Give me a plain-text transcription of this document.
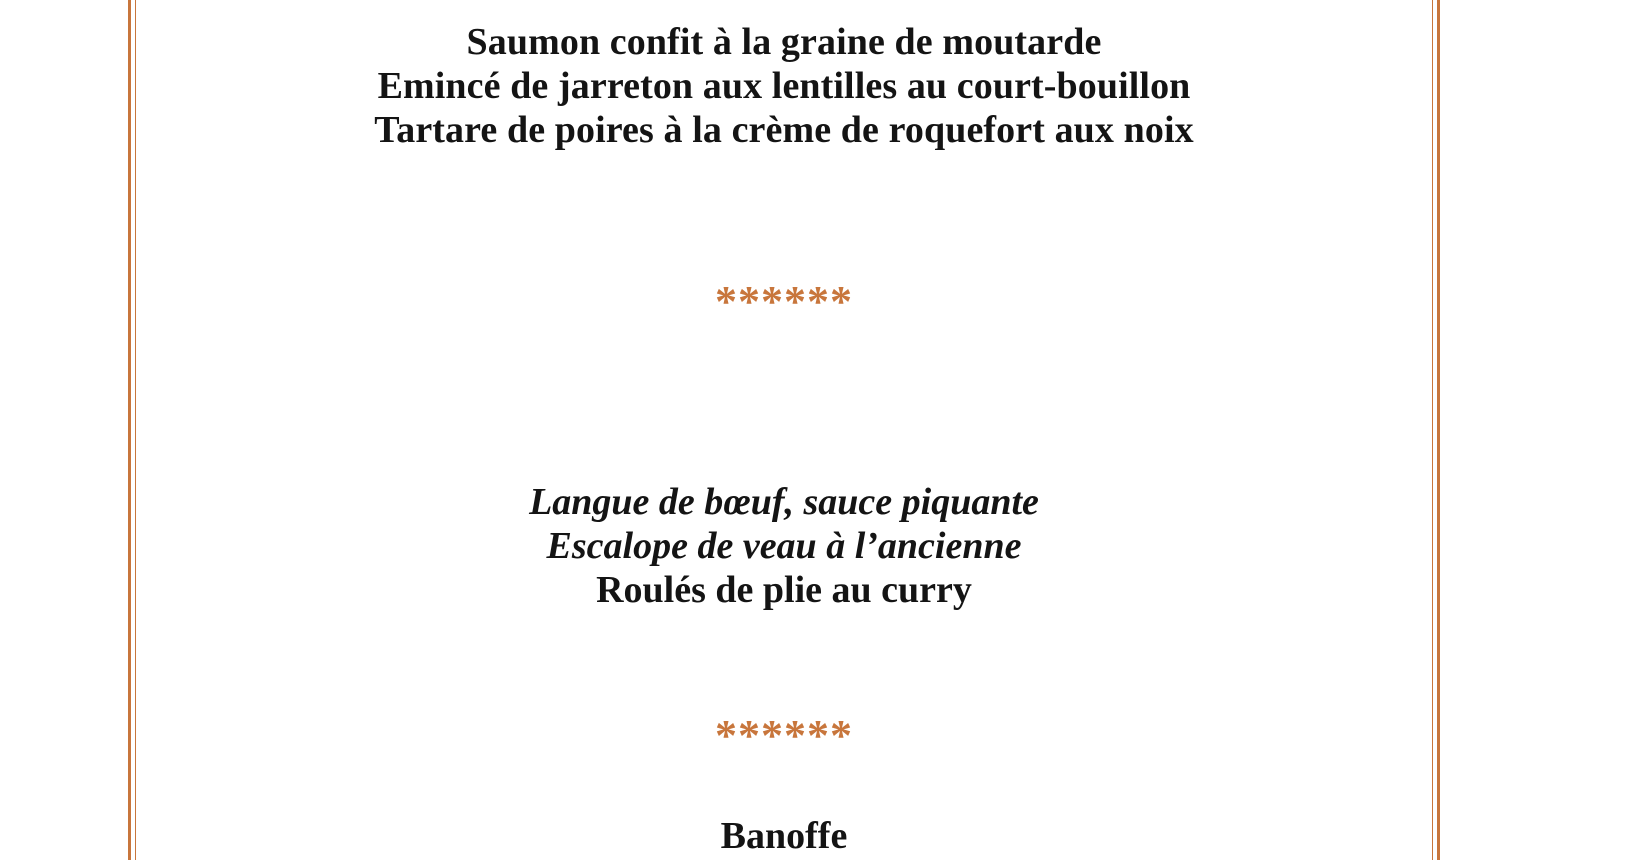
Saumon confit à la graine de moutarde

Emincé de jarreton aux lentilles au court-bouillon

Tartare de poires à la crème de roquefort aux noix

******

Langue de bœuf, sauce piquante

Escalope de veau à l’ancienne

Roulés de plie au curry

******

Banoffe
